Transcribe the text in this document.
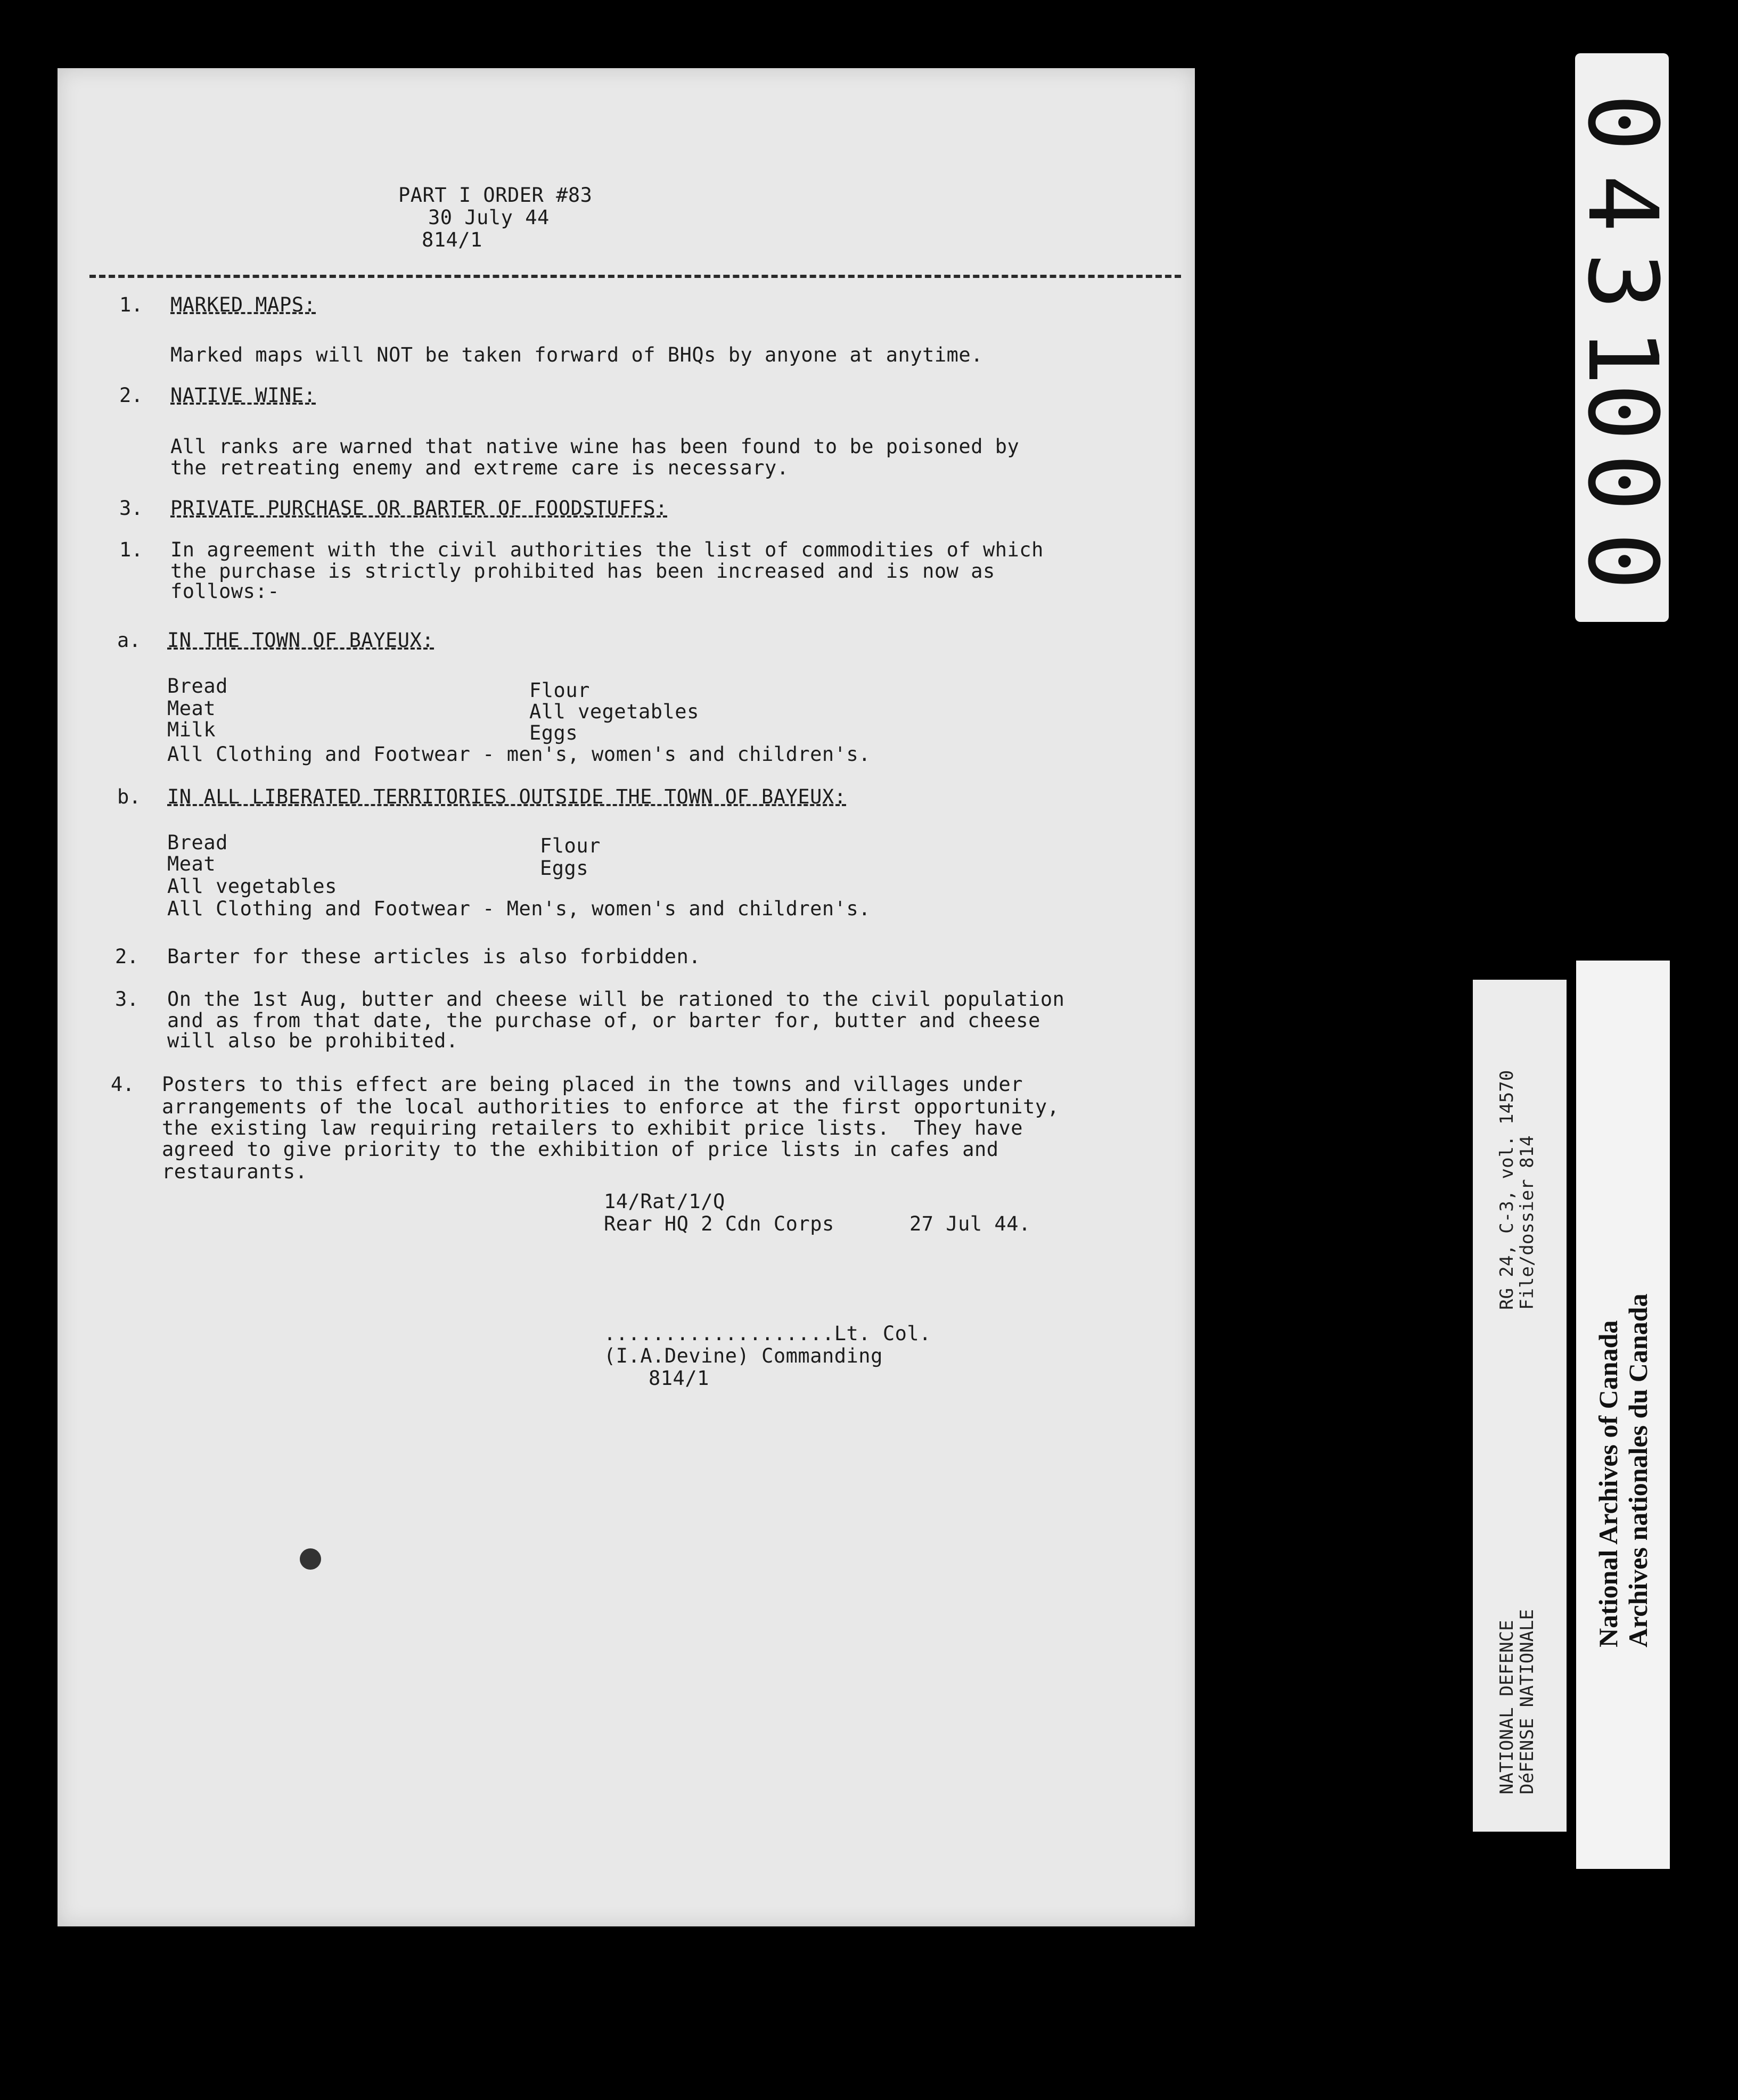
PART I ORDER #83
30 July 44
814/1
1. MARKED MAPS:
Marked maps will NOT be taken forward of BHQs by anyone at anytime.
2. NATIVE WINE:
All ranks are warned that native wine has been found to be poisoned by
the retreating enemy and extreme care is necessary.
3. PRIVATE PURCHASE OR BARTER OF FOODSTUFFS:
1. In agreement with the civil authorities the list of commodities of which
the purchase is strictly prohibited has been increased and is now as
follows:-
a. IN THE TOWN OF BAYEUX:
Bread
Meat
Milk
Flour
All vegetables
Eggs
All Clothing and Footwear - men's, women's and children's.
b. IN ALL LIBERATED TERRITORIES OUTSIDE THE TOWN OF BAYEUX:
Bread
Meat
All vegetables
Flour
Eggs
All Clothing and Footwear - Men's, women's and children's.
2. Barter for these articles is also forbidden.
3. On the 1st Aug, butter and cheese will be rationed to the civil population
and as from that date, the purchase of, or barter for, butter and cheese
will also be prohibited.
4. Posters to this effect are being placed in the towns and villages under
arrangements of the local authorities to enforce at the first opportunity,
the existing law requiring retailers to exhibit price lists.  They have
agreed to give priority to the exhibition of price lists in cafes and
restaurants.
14/Rat/1/Q
Rear HQ 2 Cdn Corps	27 Jul 44.
...................Lt. Col.
(I.A.Devine) Commanding
814/1
0
0
0
1
3
4
0
RG 24, C-3, vol. 14570
File/dossier 814
NATIONAL DEFENCE
DéFENSE NATIONALE
National Archives of Canada Archives nationales du Canada
